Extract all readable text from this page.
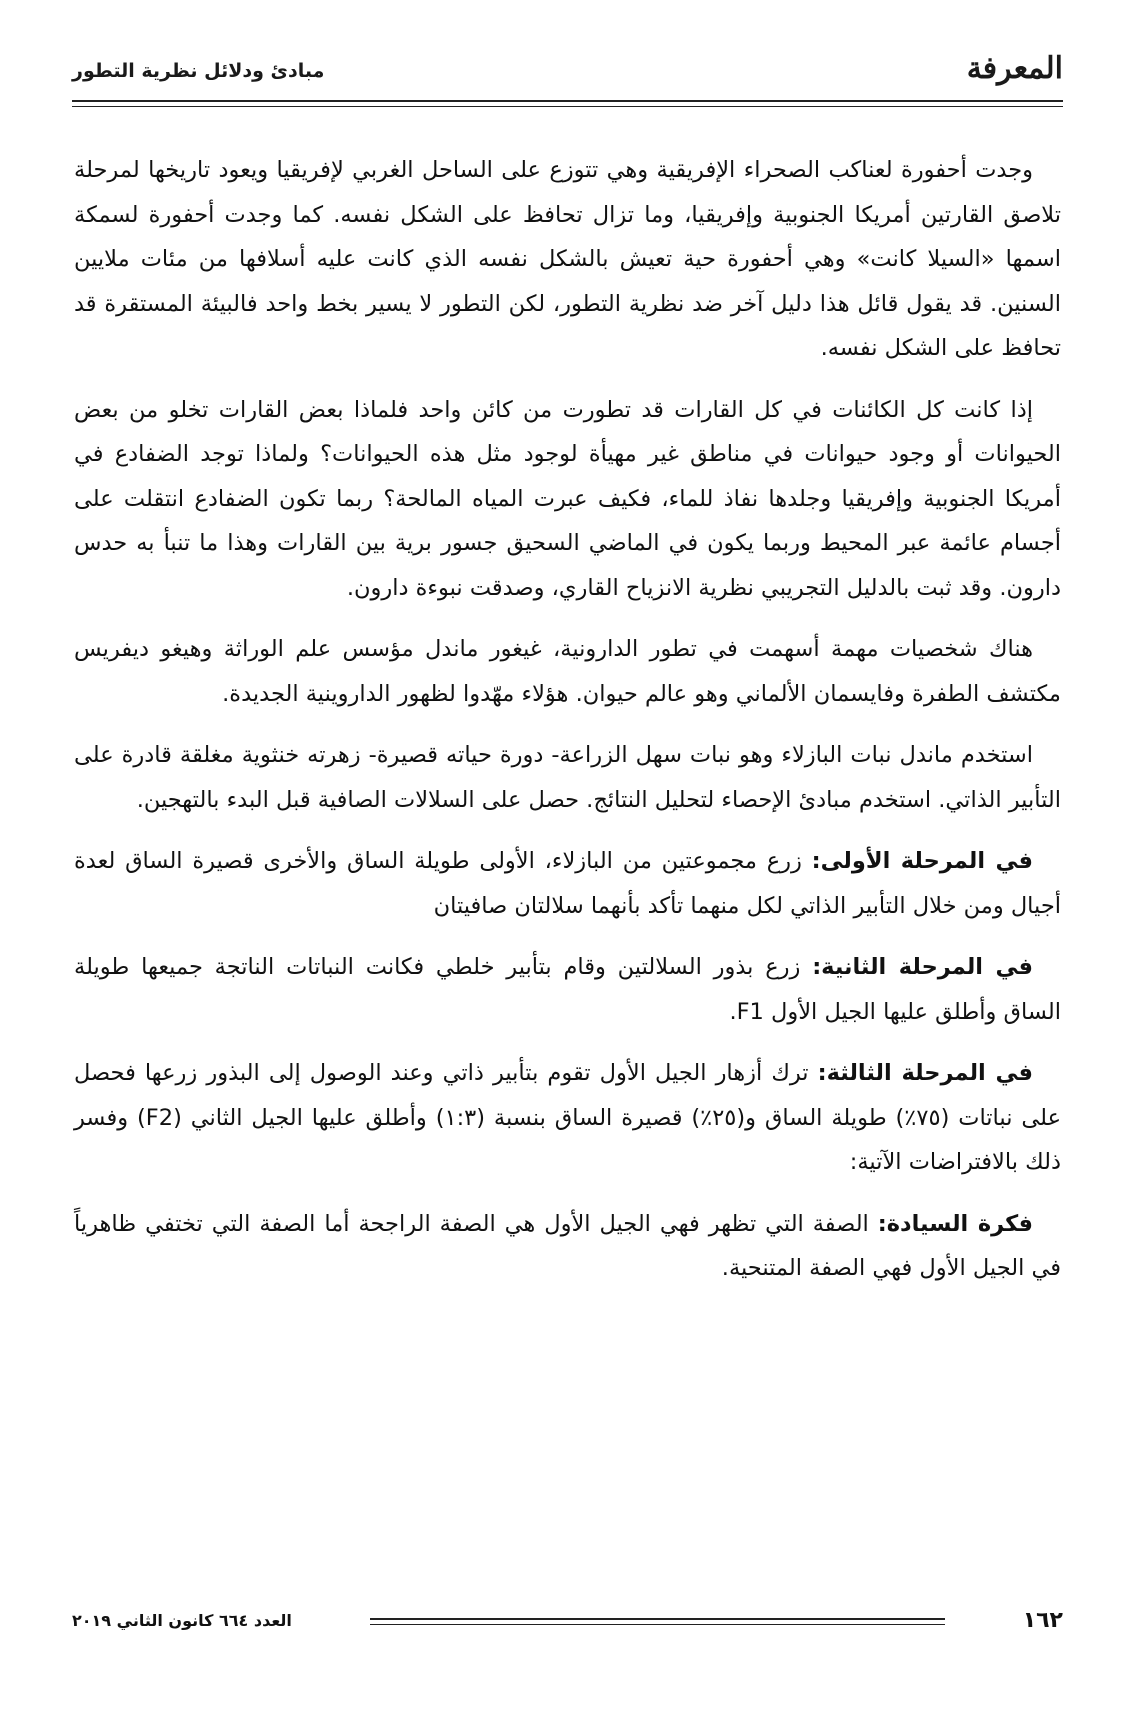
المعرفة
مبادئ ودلائل نظرية التطور

وجدت أحفورة لعناكب الصحراء الإفريقية وهي تتوزع على الساحل الغربي لإفريقيا ويعود تاريخها لمرحلة تلاصق القارتين أمريكا الجنوبية وإفريقيا، وما تزال تحافظ على الشكل نفسه. كما وجدت أحفورة لسمكة اسمها «السيلا كانت» وهي أحفورة حية تعيش بالشكل نفسه الذي كانت عليه أسلافها من مئات ملايين السنين. قد يقول قائل هذا دليل آخر ضد نظرية التطور، لكن التطور لا يسير بخط واحد فالبيئة المستقرة قد تحافظ على الشكل نفسه.

إذا كانت كل الكائنات في كل القارات قد تطورت من كائن واحد فلماذا بعض القارات تخلو من بعض الحيوانات أو وجود حيوانات في مناطق غير مهيأة لوجود مثل هذه الحيوانات؟ ولماذا توجد الضفادع في أمريكا الجنوبية وإفريقيا وجلدها نفاذ للماء، فكيف عبرت المياه المالحة؟ ربما تكون الضفادع انتقلت على أجسام عائمة عبر المحيط وربما يكون في الماضي السحيق جسور برية بين القارات وهذا ما تنبأ به حدس دارون. وقد ثبت بالدليل التجريبي نظرية الانزياح القاري، وصدقت نبوءة دارون.

هناك شخصيات مهمة أسهمت في تطور الدارونية، غيغور ماندل مؤسس علم الوراثة وهيغو ديفريس مكتشف الطفرة وفايسمان الألماني وهو عالم حيوان. هؤلاء مهّدوا لظهور الداروينية الجديدة.

استخدم ماندل نبات البازلاء وهو نبات سهل الزراعة- دورة حياته قصيرة- زهرته خنثوية مغلقة قادرة على التأبير الذاتي. استخدم مبادئ الإحصاء لتحليل النتائج. حصل على السلالات الصافية قبل البدء بالتهجين.

في المرحلة الأولى: زرع مجموعتين من البازلاء، الأولى طويلة الساق والأخرى قصيرة الساق لعدة أجيال ومن خلال التأبير الذاتي لكل منهما تأكد بأنهما سلالتان صافيتان

في المرحلة الثانية: زرع بذور السلالتين وقام بتأبير خلطي فكانت النباتات الناتجة جميعها طويلة الساق وأطلق عليها الجيل الأول F1.

في المرحلة الثالثة: ترك أزهار الجيل الأول تقوم بتأبير ذاتي وعند الوصول إلى البذور زرعها فحصل على نباتات (٧٥٪) طويلة الساق و(٢٥٪) قصيرة الساق بنسبة (١:٣) وأطلق عليها الجيل الثاني (F2) وفسر ذلك بالافتراضات الآتية:

فكرة السيادة: الصفة التي تظهر فهي الجيل الأول هي الصفة الراجحة أما الصفة التي تختفي ظاهرياً في الجيل الأول فهي الصفة المتنحية.

١٦٢
العدد ٦٦٤ كانون الثاني ٢٠١٩
